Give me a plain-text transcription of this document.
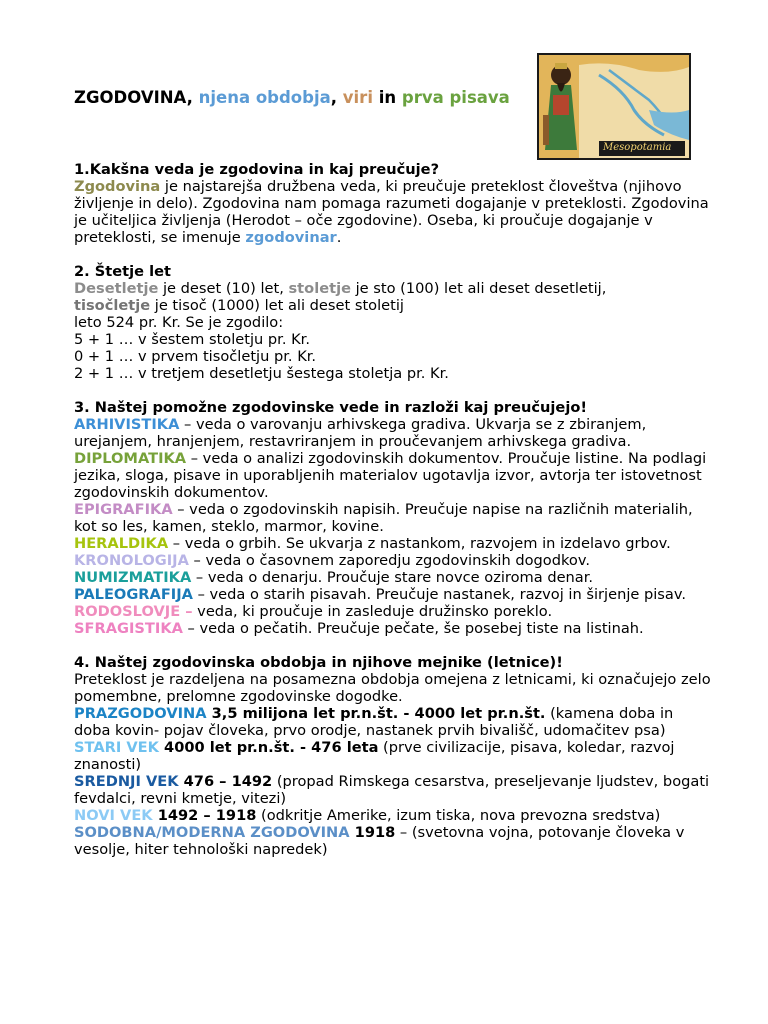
ZGODOVINA, njena obdobja, viri in prva pisava
Mesopotamia

1.Kakšna veda je zgodovina in kaj preučuje?

Zgodovina je najstarejša družbena veda, ki preučuje preteklost človeštva (njihovo življenje in delo). Zgodovina nam pomaga razumeti dogajanje v preteklosti. Zgodovina je učiteljica življenja (Herodot – oče zgodovine). Oseba, ki proučuje dogajanje v preteklosti, se imenuje zgodovinar.

2. Štetje let

Desetletje je deset (10) let, stoletje je sto (100) let ali deset desetletij,

tisočletje je tisoč (1000) let ali deset stoletij

leto 524 pr. Kr. Se je zgodilo:

5 + 1 … v šestem stoletju pr. Kr.

0 + 1 … v prvem tisočletju pr. Kr.

2 + 1 … v tretjem desetletju šestega stoletja pr. Kr.

3. Naštej pomožne zgodovinske vede in razloži kaj preučujejo!

ARHIVISTIKA – veda o varovanju arhivskega gradiva. Ukvarja se z zbiranjem, urejanjem, hranjenjem, restavriranjem in proučevanjem arhivskega gradiva.

DIPLOMATIKA – veda o analizi zgodovinskih dokumentov. Proučuje listine. Na podlagi jezika, sloga, pisave in uporabljenih materialov ugotavlja izvor, avtorja ter istovetnost zgodovinskih dokumentov.

EPIGRAFIKA – veda o zgodovinskih napisih. Preučuje napise na različnih materialih, kot so les, kamen, steklo, marmor, kovine.

HERALDIKA – veda o grbih. Se ukvarja z nastankom, razvojem in izdelavo grbov.

KRONOLOGIJA – veda o časovnem zaporedju zgodovinskih dogodkov.

NUMIZMATIKA – veda o denarju. Proučuje stare novce oziroma denar.

PALEOGRAFIJA – veda o starih pisavah. Preučuje nastanek, razvoj in širjenje pisav.

RODOSLOVJE – veda, ki proučuje in zasleduje družinsko poreklo.

SFRAGISTIKA – veda o pečatih. Preučuje pečate, še posebej tiste na listinah.

4. Naštej zgodovinska obdobja in njihove mejnike (letnice)!

Preteklost je razdeljena na posamezna obdobja omejena z letnicami, ki označujejo zelo pomembne, prelomne zgodovinske dogodke.

PRAZGODOVINA 3,5 milijona let pr.n.št. - 4000 let pr.n.št. (kamena doba in doba kovin- pojav človeka, prvo orodje, nastanek prvih bivališč, udomačitev psa)

STARI VEK 4000 let pr.n.št. - 476 leta (prve civilizacije, pisava, koledar, razvoj znanosti)

SREDNJI VEK 476 – 1492 (propad Rimskega cesarstva, preseljevanje ljudstev, bogati fevdalci, revni kmetje, vitezi)

NOVI VEK 1492 – 1918 (odkritje Amerike, izum tiska, nova prevozna sredstva)

SODOBNA/MODERNA ZGODOVINA 1918 – (svetovna vojna, potovanje človeka v vesolje, hiter tehnološki napredek)
